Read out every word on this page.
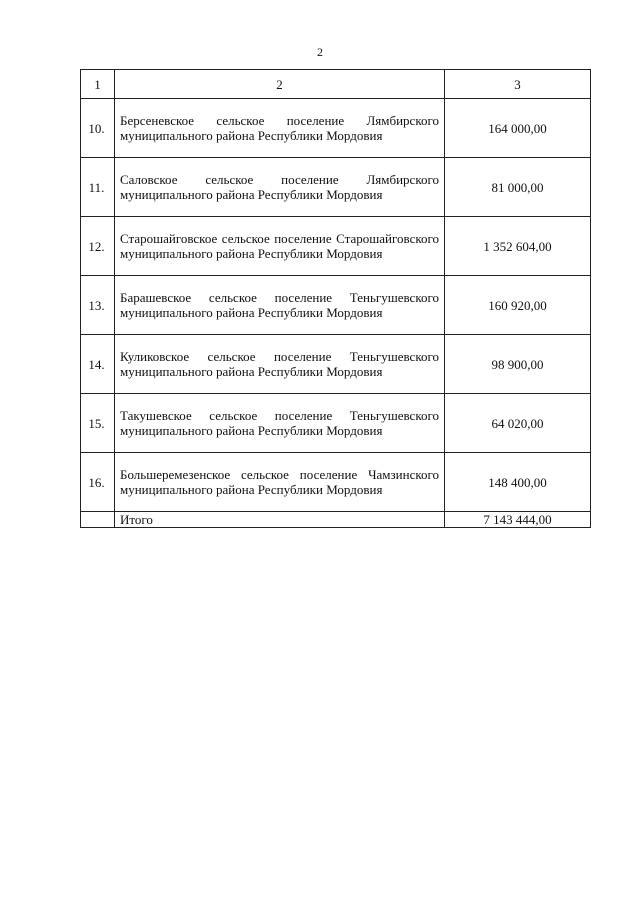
2
1	2	3
10.	Берсеневское сельское поселение Лямбирского муниципального района Республики Мордовия	164 000,00
11.	Саловское сельское поселение Лямбирского муниципального района Республики Мордовия	81 000,00
12.	Старошайговское сельское поселение Старошайговского муниципального района Республики Мордовия	1 352 604,00
13.	Барашевское сельское поселение Теньгушевского муниципального района Республики Мордовия	160 920,00
14.	Куликовское сельское поселение Теньгушевского муниципального района Республики Мордовия	98 900,00
15.	Такушевское сельское поселение Теньгушевского муниципального района Республики Мордовия	64 020,00
16.	Большеремезенское сельское поселение Чамзинского муниципального района Республики Мордовия	148 400,00
	Итого	7 143 444,00
